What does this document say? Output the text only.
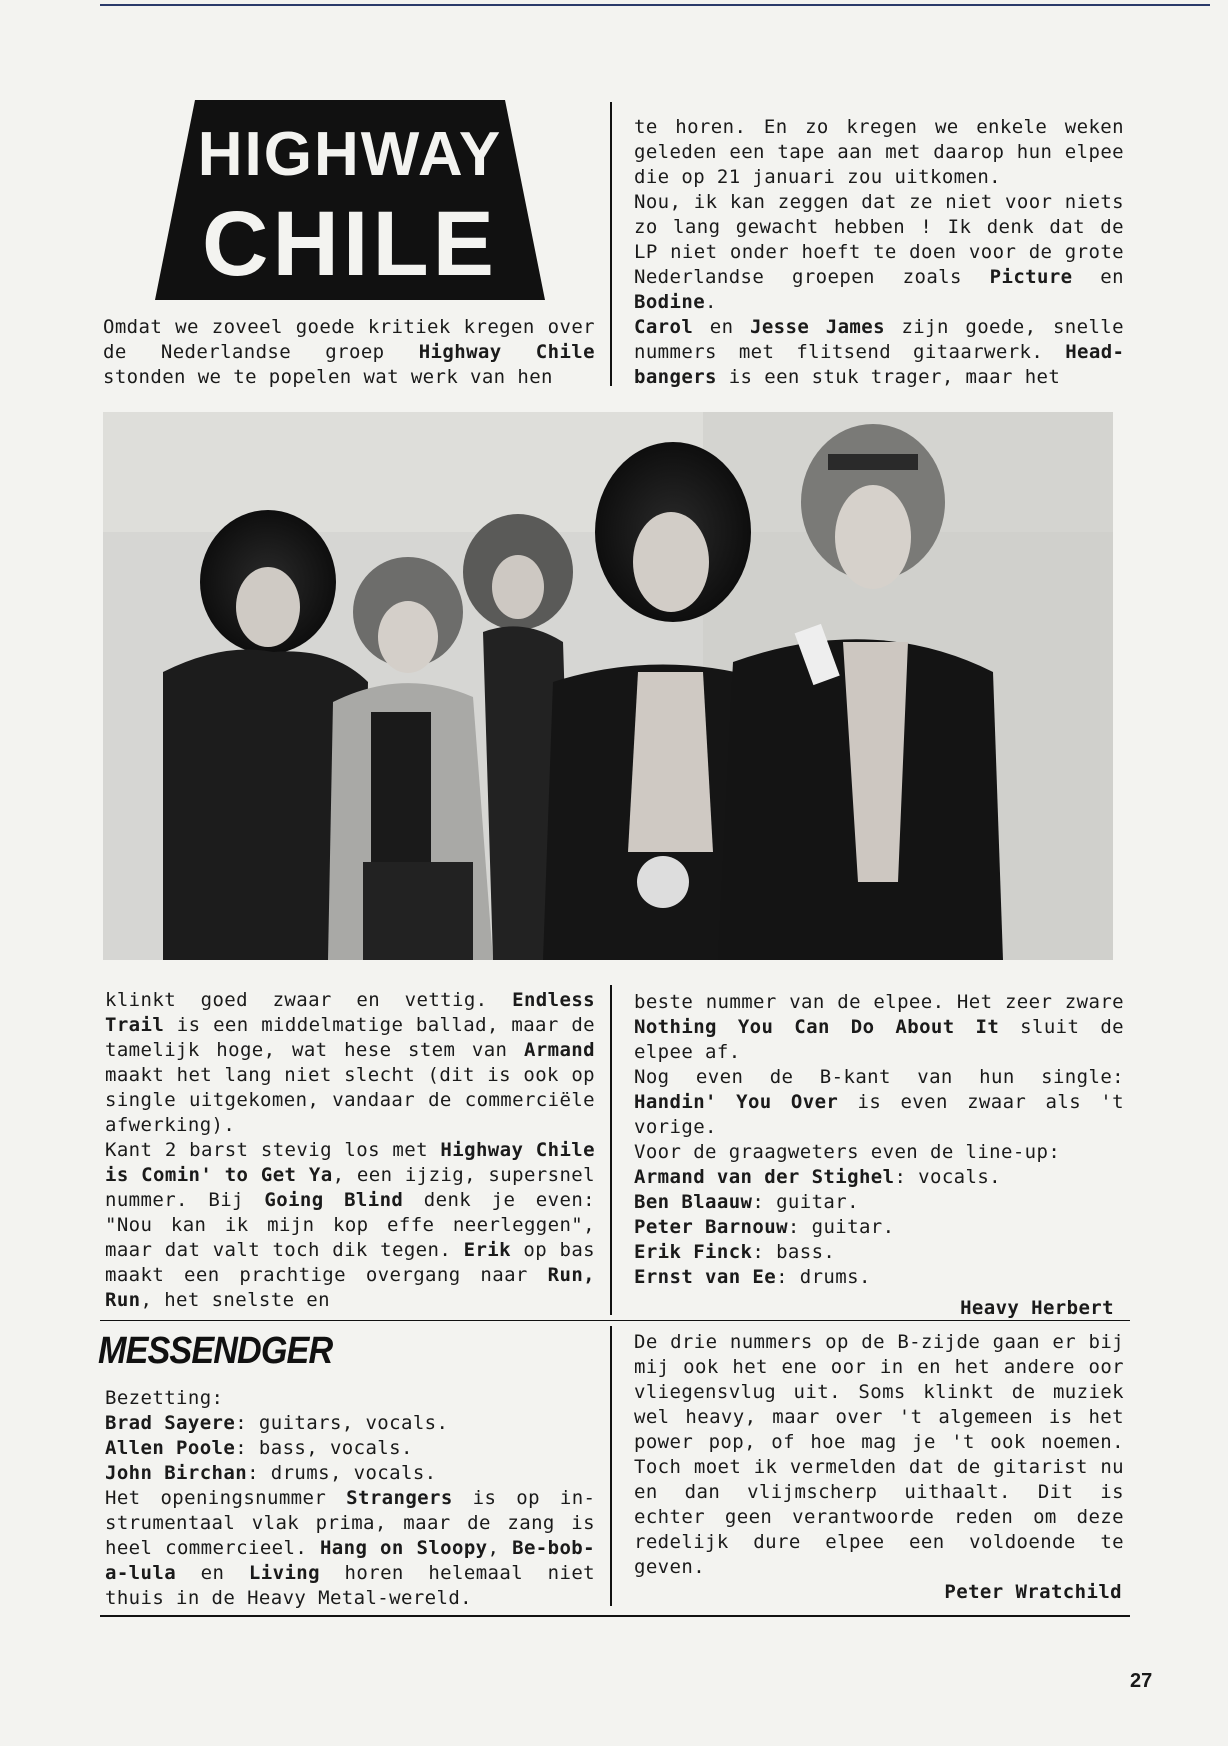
HIGHWAY
CHILE

Omdat we zoveel goede kritiek kregen over de Nederlandse groep Highway Chile stonden we te popelen wat werk van hen

te horen. En zo kregen we enkele weken geleden een tape aan met daarop hun elpee die op 21 januari zou uitkomen.

Nou, ik kan zeggen dat ze niet voor niets zo lang gewacht hebben ! Ik denk dat de LP niet onder hoeft te doen voor de grote Nederlandse groepen zoals Picture en Bodine.

Carol en Jesse James zijn goede, snelle nummers met flitsend gitaarwerk. Headbangers is een stuk trager, maar het

klinkt goed zwaar en vettig. Endless Trail is een middelmatige ballad, maar de tamelijk hoge, wat hese stem van Armand maakt het lang niet slecht (dit is ook op single uitgekomen, vandaar de commerciële afwerking).

Kant 2 barst stevig los met Highway Chile is Comin' to Get Ya, een ijzig, supersnel nummer. Bij Going Blind denk je even: "Nou kan ik mijn kop effe neerleggen", maar dat valt toch dik tegen. Erik op bas maakt een prachtige overgang naar Run, Run, het snelste en

beste nummer van de elpee. Het zeer zware Nothing You Can Do About It sluit de elpee af.

Nog even de B-kant van hun single: Handin' You Over is even zwaar als 't vorige.

Voor de graagweters even de line-up:

Armand van der Stighel: vocals.

Ben Blaauw: guitar.

Peter Barnouw: guitar.

Erik Finck: bass.

Ernst van Ee: drums.

Heavy Herbert
MESSENDGER

Bezetting:

Brad Sayere: guitars, vocals.

Allen Poole: bass, vocals.

John Birchan: drums, vocals.

Het openingsnummer Strangers is op instrumentaal vlak prima, maar de zang is heel commercieel. Hang on Sloopy, Be-bob-a-lula en Living horen helemaal niet thuis in de Heavy Metal-wereld.

De drie nummers op de B-zijde gaan er bij mij ook het ene oor in en het andere oor vliegensvlug uit. Soms klinkt de muziek wel heavy, maar over 't algemeen is het power pop, of hoe mag je 't ook noemen. Toch moet ik vermelden dat de gitarist nu en dan vlijmscherp uithaalt. Dit is echter geen verantwoorde reden om deze redelijk dure elpee een voldoende te geven.

Peter Wratchild
27
